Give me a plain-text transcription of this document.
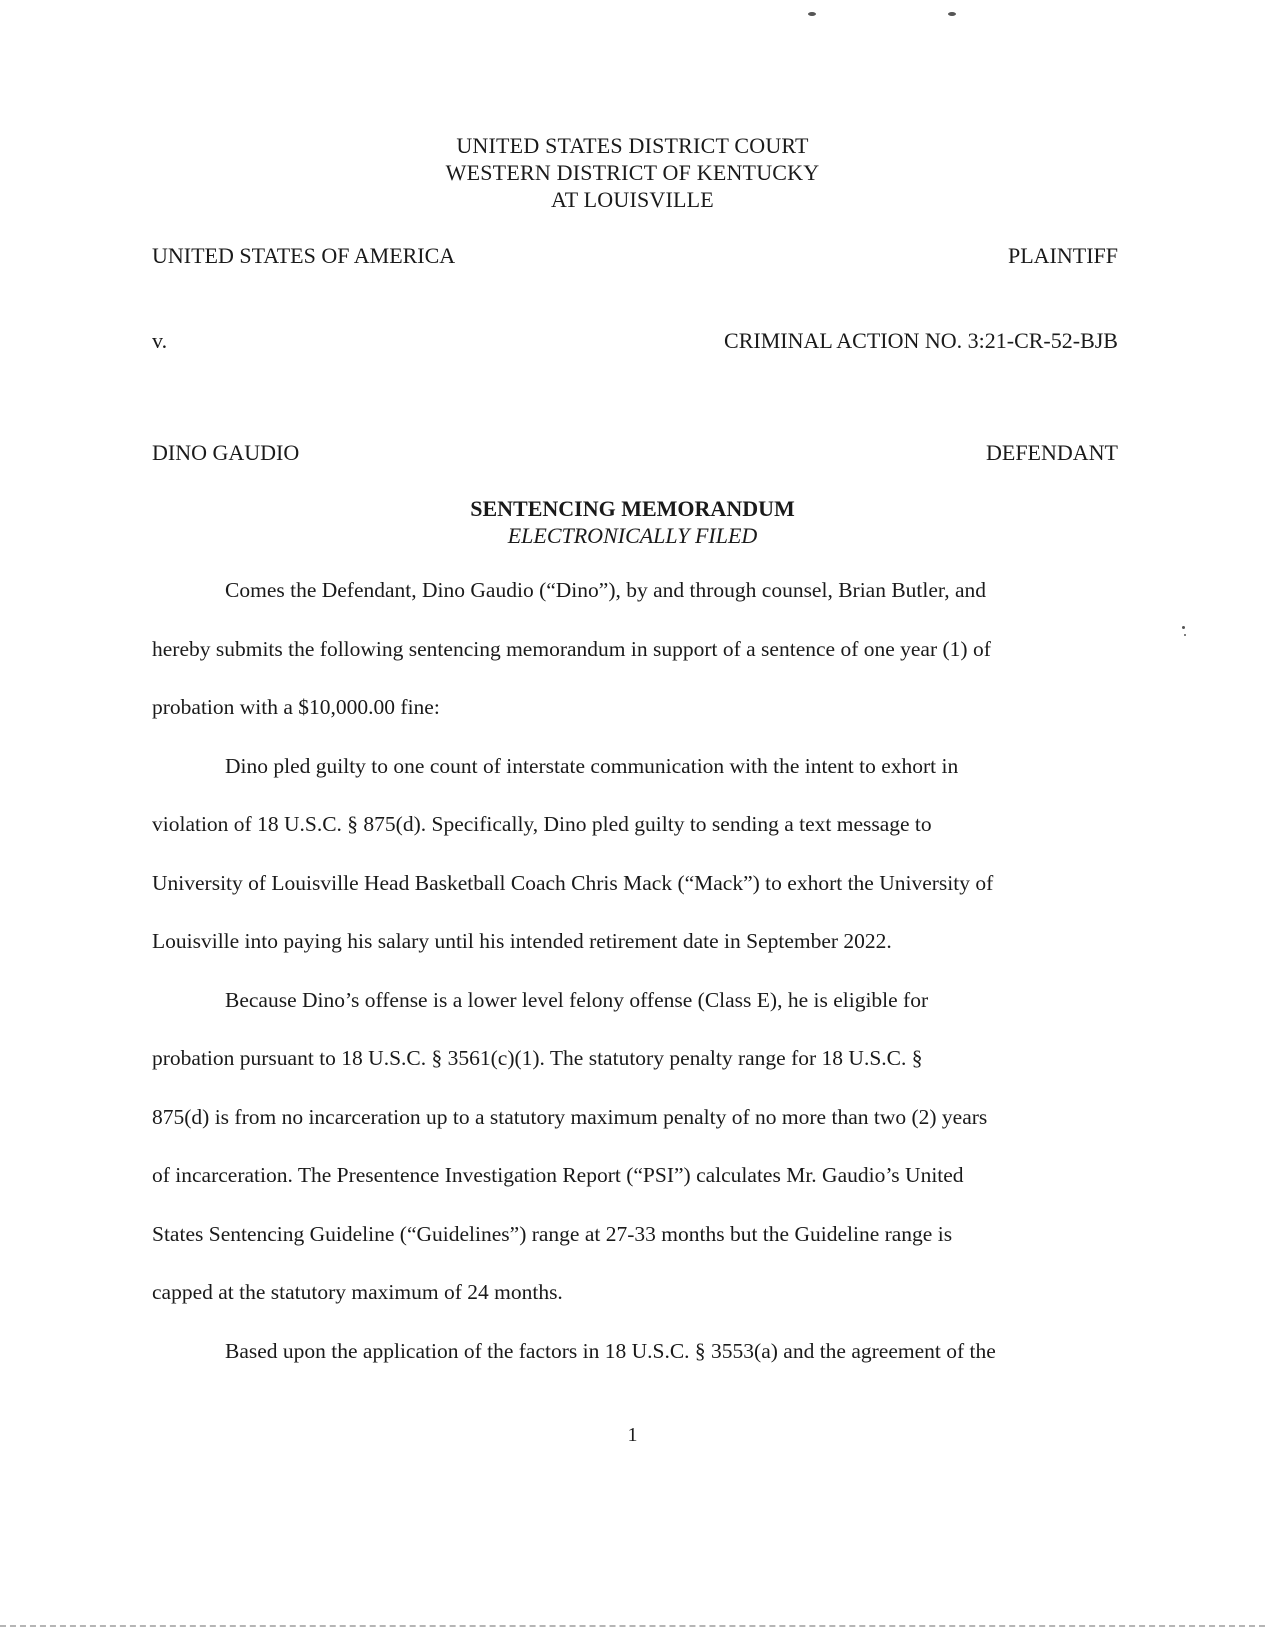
UNITED STATES DISTRICT COURT
WESTERN DISTRICT OF KENTUCKY
AT LOUISVILLE
UNITED STATES OF AMERICA	PLAINTIFF
v.	CRIMINAL ACTION NO. 3:21-CR-52-BJB
DINO GAUDIO	DEFENDANT
SENTENCING MEMORANDUM
ELECTRONICALLY FILED

Comes the Defendant, Dino Gaudio (“Dino”), by and through counsel, Brian Butler, and
hereby submits the following sentencing memorandum in support of a sentence of one year (1) of
probation with a $10,000.00 fine:

Dino pled guilty to one count of interstate communication with the intent to exhort in
violation of 18 U.S.C. § 875(d). Specifically, Dino pled guilty to sending a text message to
University of Louisville Head Basketball Coach Chris Mack (“Mack”) to exhort the University of
Louisville into paying his salary until his intended retirement date in September 2022.

Because Dino’s offense is a lower level felony offense (Class E), he is eligible for
probation pursuant to 18 U.S.C. § 3561(c)(1). The statutory penalty range for 18 U.S.C. §
875(d) is from no incarceration up to a statutory maximum penalty of no more than two (2) years
of incarceration. The Presentence Investigation Report (“PSI”) calculates Mr. Gaudio’s United
States Sentencing Guideline (“Guidelines”) range at 27-33 months but the Guideline range is
capped at the statutory maximum of 24 months.

Based upon the application of the factors in 18 U.S.C. § 3553(a) and the agreement of the

1
